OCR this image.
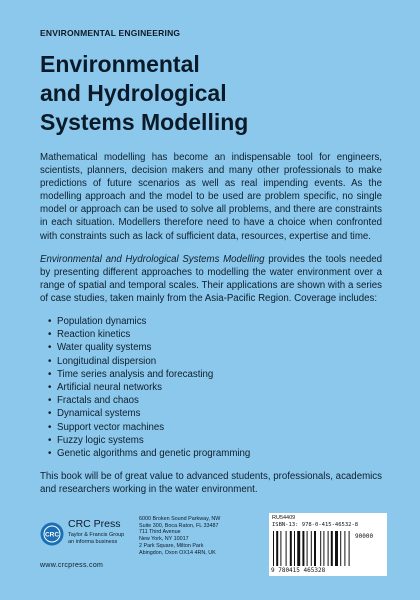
ENVIRONMENTAL ENGINEERING
Environmental
and Hydrological
Systems Modelling

Mathematical modelling has become an indispensable tool for engineers, scientists, planners, decision makers and many other professionals to make predictions of future scenarios as well as real impending events. As the modelling approach and the model to be used are problem specific, no single model or approach can be used to solve all problems, and there are constraints in each situation. Modellers therefore need to have a choice when confronted with constraints such as lack of sufficient data, resources, expertise and time.

Environmental and Hydrological Systems Modelling provides the tools needed by presenting different approaches to modelling the water environment over a range of spatial and temporal scales. Their applications are shown with a series of case studies, taken mainly from the Asia-Pacific Region. Coverage includes:

• Population dynamics
• Reaction kinetics
• Water quality systems
• Longitudinal dispersion
• Time series analysis and forecasting
• Artificial neural networks
• Fractals and chaos
• Dynamical systems
• Support vector machines
• Fuzzy logic systems
• Genetic algorithms and genetic programming

This book will be of great value to advanced students, professionals, academics and researchers working in the water environment.

CRC
CRC Press
Taylor & Francis Group
an informa business
www.crcpress.com
6000 Broken Sound Parkway, NW
Suite 300, Boca Raton, FL 33487
711 Third Avenue
New York, NY 10017
2 Park Square, Milton Park
Abingdon, Oxon OX14 4RN, UK
RU54409
ISBN-13: 978-0-415-46532-8
90000
9 780415 465328
